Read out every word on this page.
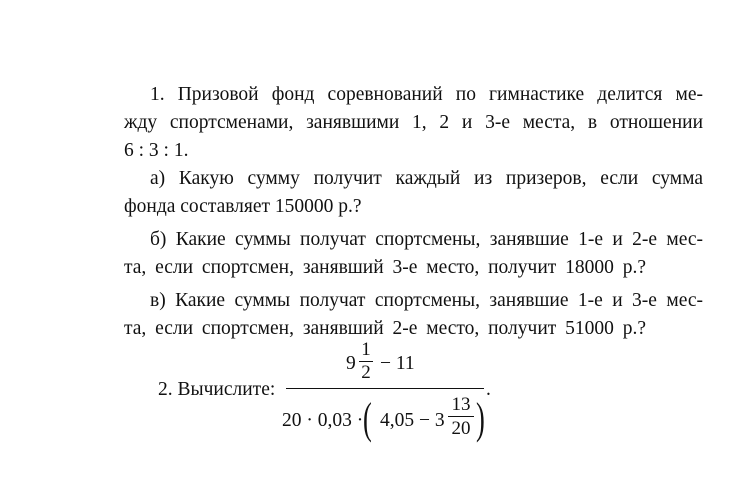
1. Призовой фонд соревнований по гимнастике делится ме-
жду спортсменами, занявшими 1, 2 и 3-е места, в отношении
6 : 3 : 1.
а) Какую сумму получит каждый из призеров, если сумма
фонда составляет 150000 р.?
б) Какие суммы получат спортсмены, занявшие 1-е и 2-е мес-
та, если спортсмен, занявший 3-е место, получит 18000 р.?
в) Какие суммы получат спортсмены, занявшие 1-е и 3-е мес-
та, если спортсмен, занявший 2-е место, получит 51000 р.?
2. Вычислите:
9
1
2 − 11
20 · 0,03 · ( 4,05 − 3
13
20 )
.
